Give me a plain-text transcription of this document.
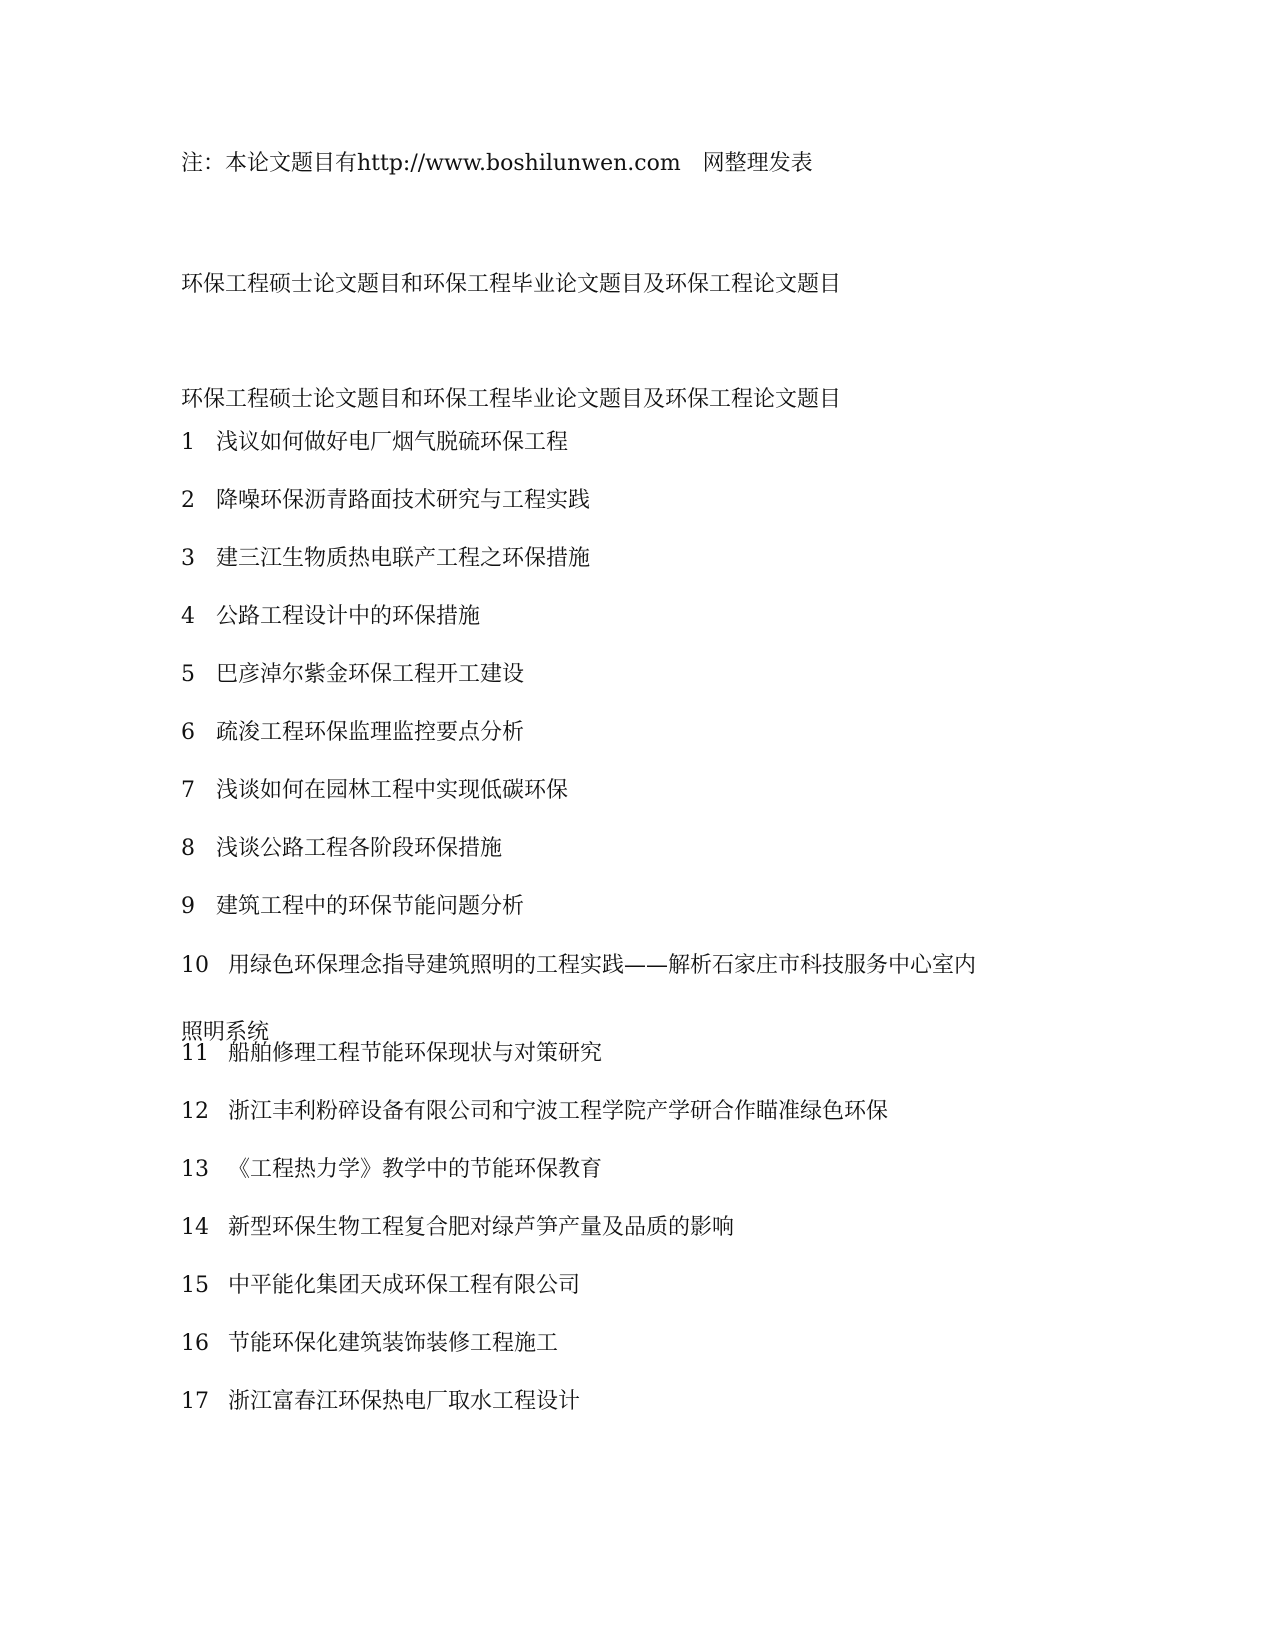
注：本论文题目有http://www.boshilunwen.com　网整理发表
环保工程硕士论文题目和环保工程毕业论文题目及环保工程论文题目
环保工程硕士论文题目和环保工程毕业论文题目及环保工程论文题目
1 浅议如何做好电厂烟气脱硫环保工程
2 降噪环保沥青路面技术研究与工程实践
3 建三江生物质热电联产工程之环保措施
4 公路工程设计中的环保措施
5 巴彦淖尔紫金环保工程开工建设
6 疏浚工程环保监理监控要点分析
7 浅谈如何在园林工程中实现低碳环保
8 浅谈公路工程各阶段环保措施
9 建筑工程中的环保节能问题分析
10 用绿色环保理念指导建筑照明的工程实践——解析石家庄市科技服务中心室内
照明系统
11 船舶修理工程节能环保现状与对策研究
12 浙江丰利粉碎设备有限公司和宁波工程学院产学研合作瞄准绿色环保
13 《工程热力学》教学中的节能环保教育
14 新型环保生物工程复合肥对绿芦笋产量及品质的影响
15 中平能化集团天成环保工程有限公司
16 节能环保化建筑装饰装修工程施工
17 浙江富春江环保热电厂取水工程设计
